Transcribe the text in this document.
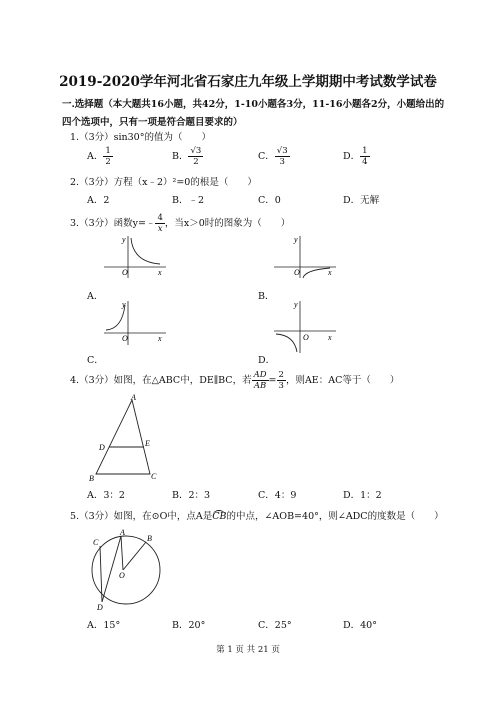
2019-2020学年河北省石家庄九年级上学期期中考试数学试卷
一.选择题（本大题共16小题，共42分，1-10小题各3分，11-16小题各2分，小题给出的
四个选项中，只有一项是符合题目要求的）
1.（3分）sin30°的值为（　　）
A． $\frac{1}{2}$	B． $\frac{√3}{2}$	C． $\frac{√3}{3}$	D． $\frac{1}{4}$
2.（3分）方程（x﹣2）²=0的根是（　　）
A．2	B．﹣2	C．0	D．无解
3.（3分）函数y=﹣ $\frac{4}{x}$ ，当x＞0时的图象为（　　）
O	x
y
A．
O	x
y
B．
O	x
y
C．
O x
y
D．
4.（3分）如图，在△ABC中，DE∥BC，若 $\frac{AD}{AB} = \frac{2}{3}$ ，则AE：AC等于（　　）
A
D	E
B	C
A．3：2	B．2：3	C．4：9	D．1：2
5.（3分）如图，在⊙O中，点A是
CB的中点，∠AOB=40°，则∠ADC的度数是（　　）
A
B
C
D
O
A．15°	B．20°	C．25°	D．40°
第 1 页 共 21 页
